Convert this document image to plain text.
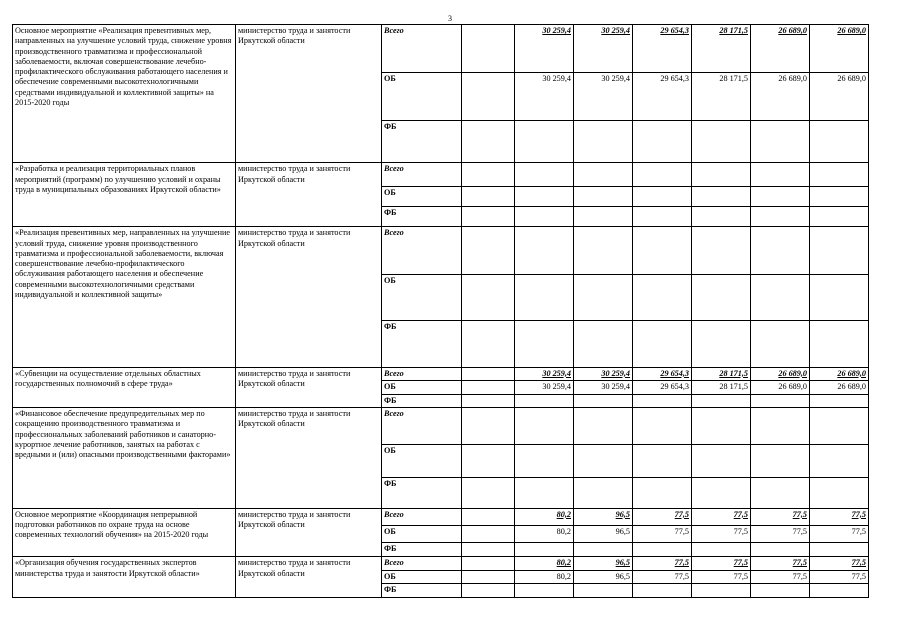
3
Основное мероприятие «Реализация превентивных мер, направленных на улучшение условий труда, снижение уровня производственного травматизма и профессиональной заболеваемости, включая совершенствование лечебно-профилактического обслуживания работающего населения и обеспечение современными высокотехнологичными средствами индивидуальной и коллективной защиты» на 2015-2020 годы	министерство труда и занятости Иркутской области	Всего		30 259,4	30 259,4	29 654,3	28 171,5	26 689,0	26 689,0
		ОБ		30 259,4	30 259,4	29 654,3	28 171,5	26 689,0	26 689,0
		ФБ							
«Разработка и реализация территориальных планов мероприятий (программ) по улучшению условий и охраны труда в муниципальных образованиях Иркутской области»	министерство труда и занятости Иркутской области	Всего							
		ОБ							
		ФБ							
«Реализация превентивных мер, направленных на улучшение условий труда, снижение уровня производственного травматизма и профессиональной заболеваемости, включая совершенствование лечебно-профилактического обслуживания работающего населения и обеспечение современными высокотехнологичными средствами индивидуальной и коллективной защиты»	министерство труда и занятости Иркутской области	Всего							
		ОБ							
		ФБ							
«Субвенции на осуществление отдельных областных государственных полномочий в сфере труда»	министерство труда и занятости Иркутской области	Всего		30 259,4	30 259,4	29 654,3	28 171,5	26 689,0	26 689,0
		ОБ		30 259,4	30 259,4	29 654,3	28 171,5	26 689,0	26 689,0
		ФБ							
«Финансовое обеспечение предупредительных мер по сокращению производственного травматизма и профессиональных заболеваний работников и санаторно-курортное лечение работников, занятых на работах с вредными и (или) опасными производственными факторами»	министерство труда и занятости Иркутской области	Всего							
		ОБ							
		ФБ							
Основное мероприятие «Координация непрерывной подготовки работников по охране труда на основе современных технологий обучения» на 2015-2020 годы	министерство труда и занятости Иркутской области	Всего		80,2	96,5	77,5	77,5	77,5	77,5
		ОБ		80,2	96,5	77,5	77,5	77,5	77,5
		ФБ							
«Организация обучения государственных экспертов министерства труда и занятости Иркутской области»	министерство труда и занятости Иркутской области	Всего		80,2	96,5	77,5	77,5	77,5	77,5
		ОБ		80,2	96,5	77,5	77,5	77,5	77,5
		ФБ							
